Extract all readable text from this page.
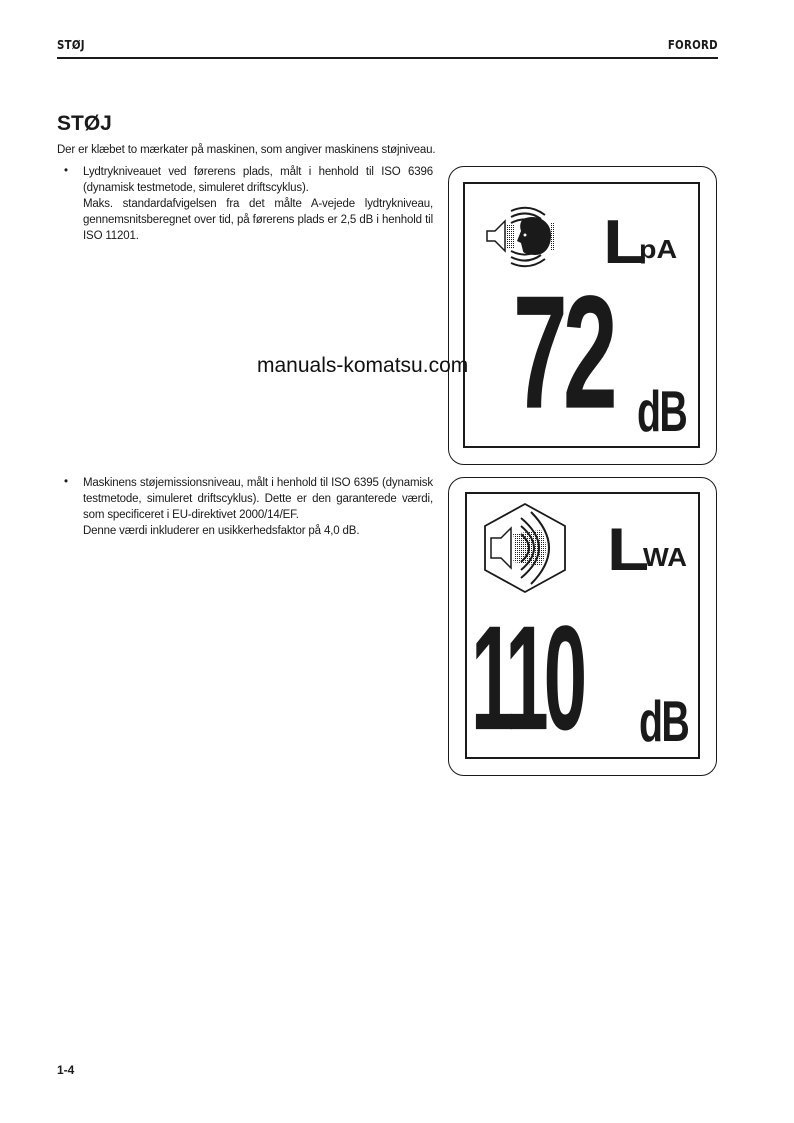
STØJ	FORORD
STØJ
Der er klæbet to mærkater på maskinen, som angiver maskinens støjniveau.
• Lydtrykniveauet ved førerens plads, målt i henhold til ISO 6396 (dynamisk testmetode, simuleret driftscyklus).

Maks. standardafvigelsen fra det målte A-vejede lydtrykniveau, gennemsnitsberegnet over tid, på førerens plads er 2,5 dB i henhold til ISO 11201.

• Maskinens støjemissionsniveau, målt i henhold til ISO 6395 (dynamisk testmetode, simuleret driftscyklus). Dette er den garanterede værdi, som specificeret i EU-direktivet 2000/14/EF.

Denne værdi inkluderer en usikkerhedsfaktor på 4,0 dB.

L
pA
72 dB
L
WA
110 dB
manuals-komatsu.com
1-4
